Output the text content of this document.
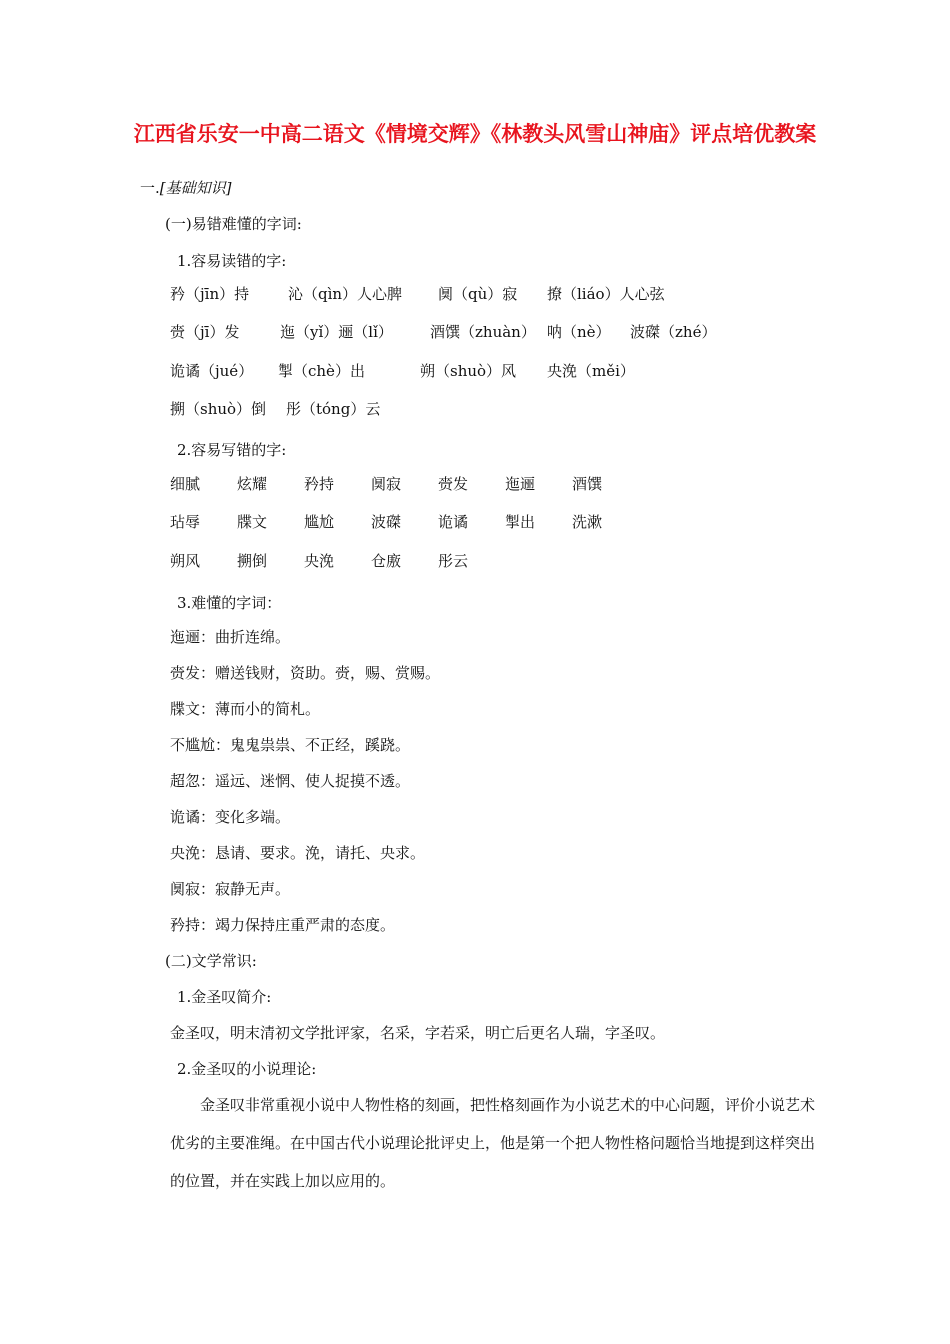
江西省乐安一中高二语文《情境交辉》《林教头风雪山神庙》评点培优教案
一.[基础知识]
(一)易错难懂的字词:
1.容易读错的字:
矜（jīn）持	沁（qìn）人心脾 阒（qù）寂 撩（liáo）人心弦
赍（jī）发	迤（yǐ）逦（lǐ） 酒馔（zhuàn） 呐（nè） 波磔（zhé）
诡谲（jué） 掣（chè）出	朔（shuò）风 央浼（měi）
搠（shuò）倒 彤（tóng）云
2.容易写错的字:
细腻 炫耀 矜持 阒寂 赍发 迤逦 酒馔
玷辱 牒文 尴尬 波磔 诡谲 掣出 洗漱
朔风 搠倒 央浼 仓廒 彤云
3.难懂的字词：
迤逦：曲折连绵。
赍发：赠送钱财，资助。赍，赐、赏赐。
牒文：薄而小的简札。
不尴尬：鬼鬼祟祟、不正经，蹊跷。
超忽：遥远、迷惘、使人捉摸不透。
诡谲：变化多端。
央浼：恳请、要求。浼，请托、央求。
阒寂：寂静无声。
矜持：竭力保持庄重严肃的态度。
(二)文学常识:
1.金圣叹简介:
金圣叹，明末清初文学批评家，名采，字若采，明亡后更名人瑞，字圣叹。
2.金圣叹的小说理论:
金圣叹非常重视小说中人物性格的刻画，把性格刻画作为小说艺术的中心问题，评价小说艺术优劣的主要准绳。在中国古代小说理论批评史上，他是第一个把人物性格问题恰当地提到这样突出的位置，并在实践上加以应用的。
